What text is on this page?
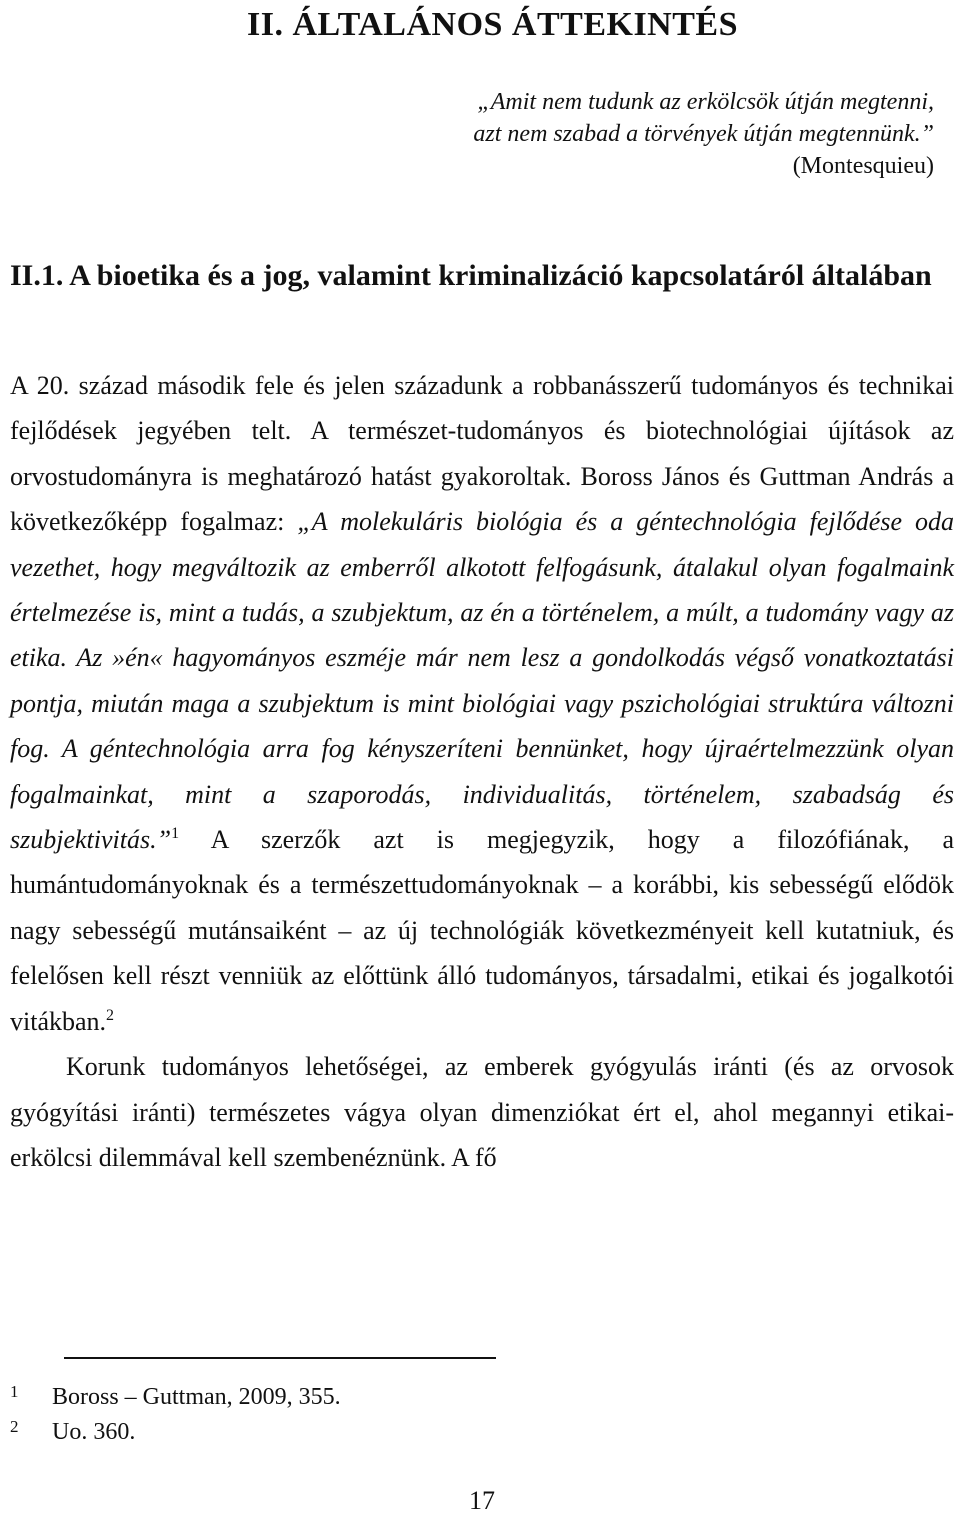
II. ÁLTALÁNOS ÁTTEKINTÉS
„Amit nem tudunk az erkölcsök útján megtenni,
azt nem szabad a törvények útján megtennünk.”
(Montesquieu)
II.1. A bioetika és a jog, valamint kriminalizáció kapcsolatáról általában

A 20. század második fele és jelen századunk a robbanásszerű tudományos és technikai fejlődések jegyében telt. A természet-tudományos és biotechnológiai újítások az orvostudományra is meghatározó hatást gyakoroltak. Boross János és Guttman András a következőképp fogalmaz: „A molekuláris biológia és a géntechnológia fejlődése oda vezethet, hogy megváltozik az emberről alkotott felfogásunk, átalakul olyan fogalmaink értelmezése is, mint a tudás, a szubjektum, az én a történelem, a múlt, a tudomány vagy az etika. Az »én« hagyományos eszméje már nem lesz a gondolkodás végső vonatkoztatási pontja, miután maga a szubjektum is mint biológiai vagy pszichológiai struktúra változni fog. A géntechnológia arra fog kényszeríteni bennünket, hogy újraértelmezzünk olyan fogalmainkat, mint a szaporodás, individualitás, történelem, szabadság és szubjektivitás.”$^1$ A szerzők azt is megjegyzik, hogy a filozófiának, a humántudományoknak és a természettudományoknak – a korábbi, kis sebességű elődök nagy sebességű mutánsaiként – az új technológiák következményeit kell kutatniuk, és felelősen kell részt venniük az előttünk álló tudományos, társadalmi, etikai és jogalkotói vitákban.$^2$

Korunk tudományos lehetőségei, az emberek gyógyulás iránti (és az orvosok gyógyítási iránti) természetes vágya olyan dimenziókat ért el, ahol megannyi etikai-erkölcsi dilemmával kell szembenéznünk. A fő

1	Boross – Guttman, 2009, 355.
2	Uo. 360.
17
